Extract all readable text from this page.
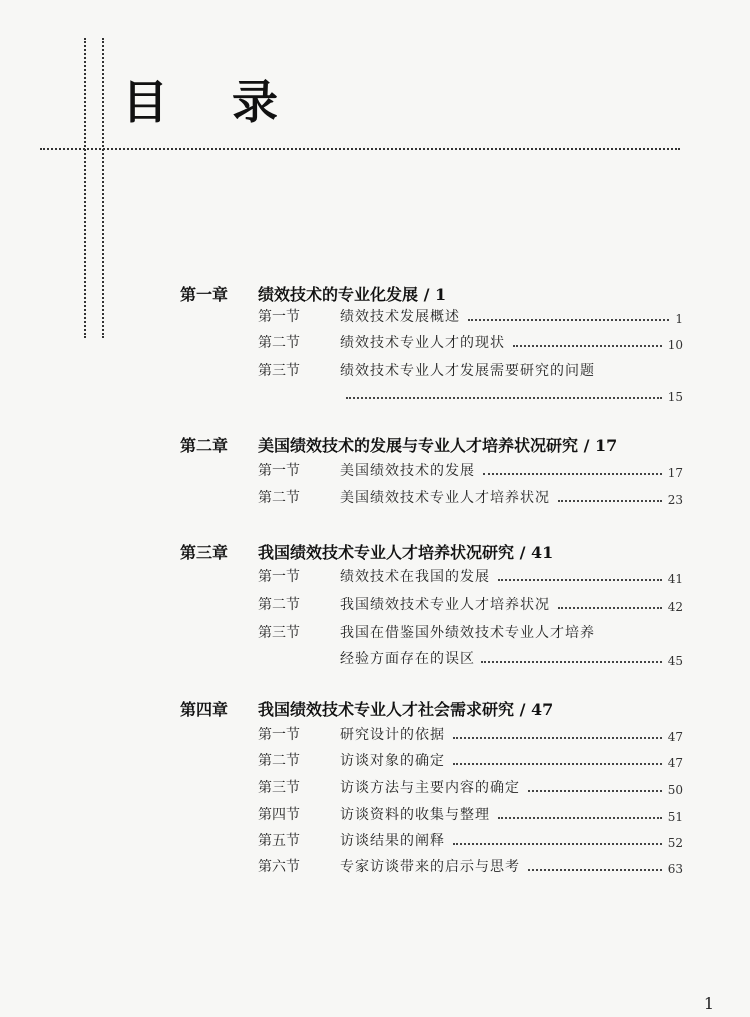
目 录
第一章 绩效技术的专业化发展 / 1
第一节	绩效技术发展概述	1
第二节	绩效技术专业人才的现状	10
第三节	绩效技术专业人才发展需要研究的问题
15
第二章 美国绩效技术的发展与专业人才培养状况研究 / 17
第一节	美国绩效技术的发展	17
第二节	美国绩效技术专业人才培养状况	23
第三章 我国绩效技术专业人才培养状况研究 / 41
第一节	绩效技术在我国的发展	41
第二节	我国绩效技术专业人才培养状况	42
第三节	我国在借鉴国外绩效技术专业人才培养
经验方面存在的误区	45
第四章 我国绩效技术专业人才社会需求研究 / 47
第一节	研究设计的依据	47
第二节	访谈对象的确定	47
第三节	访谈方法与主要内容的确定	50
第四节	访谈资料的收集与整理	51
第五节	访谈结果的阐释	52
第六节	专家访谈带来的启示与思考	63
1
